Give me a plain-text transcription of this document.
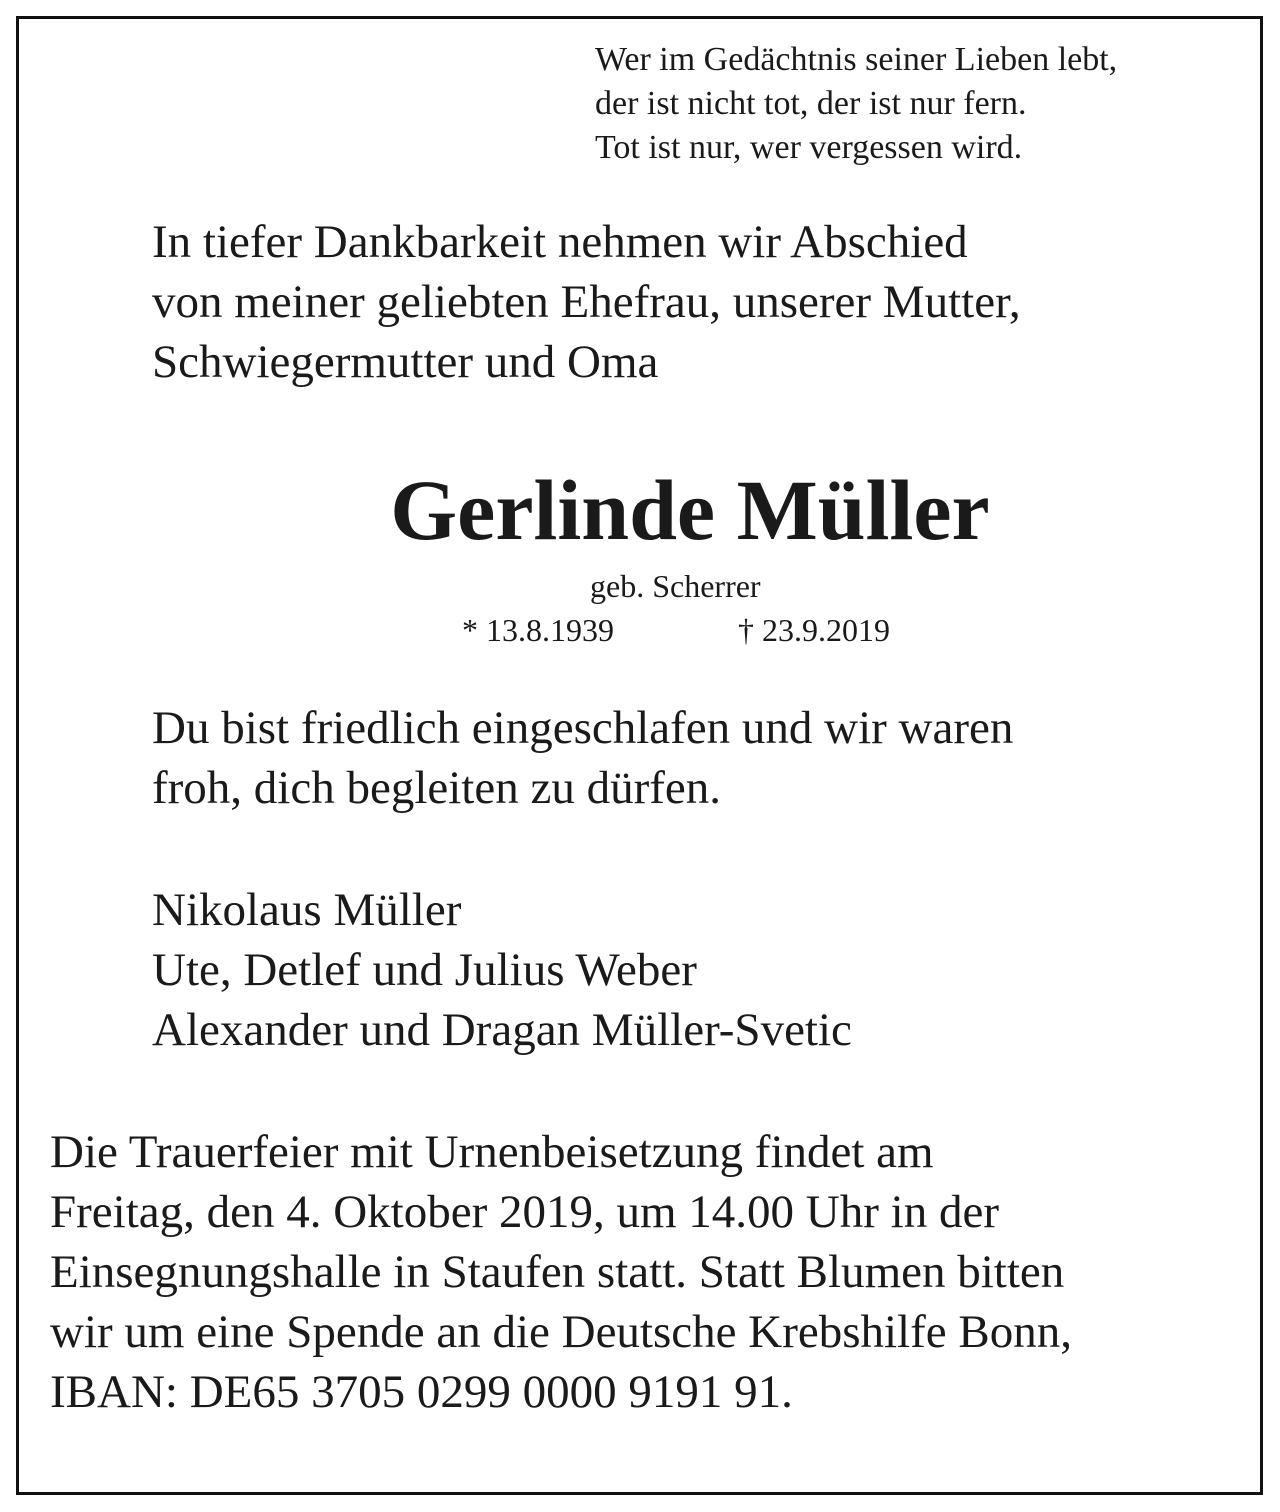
Wer im Gedächtnis seiner Lieben lebt,
der ist nicht tot, der ist nur fern.
Tot ist nur, wer vergessen wird.
In tiefer Dankbarkeit nehmen wir Abschied
von meiner geliebten Ehefrau, unserer Mutter,
Schwiegermutter und Oma
Gerlinde Müller
geb. Scherrer
* 13.8.1939	† 23.9.2019
Du bist friedlich eingeschlafen und wir waren
froh, dich begleiten zu dürfen.
Nikolaus Müller
Ute, Detlef und Julius Weber
Alexander und Dragan Müller-Svetic
Die Trauerfeier mit Urnenbeisetzung findet am
Freitag, den 4. Oktober 2019, um 14.00 Uhr in der
Einsegnungshalle in Staufen statt. Statt Blumen bitten
wir um eine Spende an die Deutsche Krebshilfe Bonn,
IBAN: DE65 3705 0299 0000 9191 91.
